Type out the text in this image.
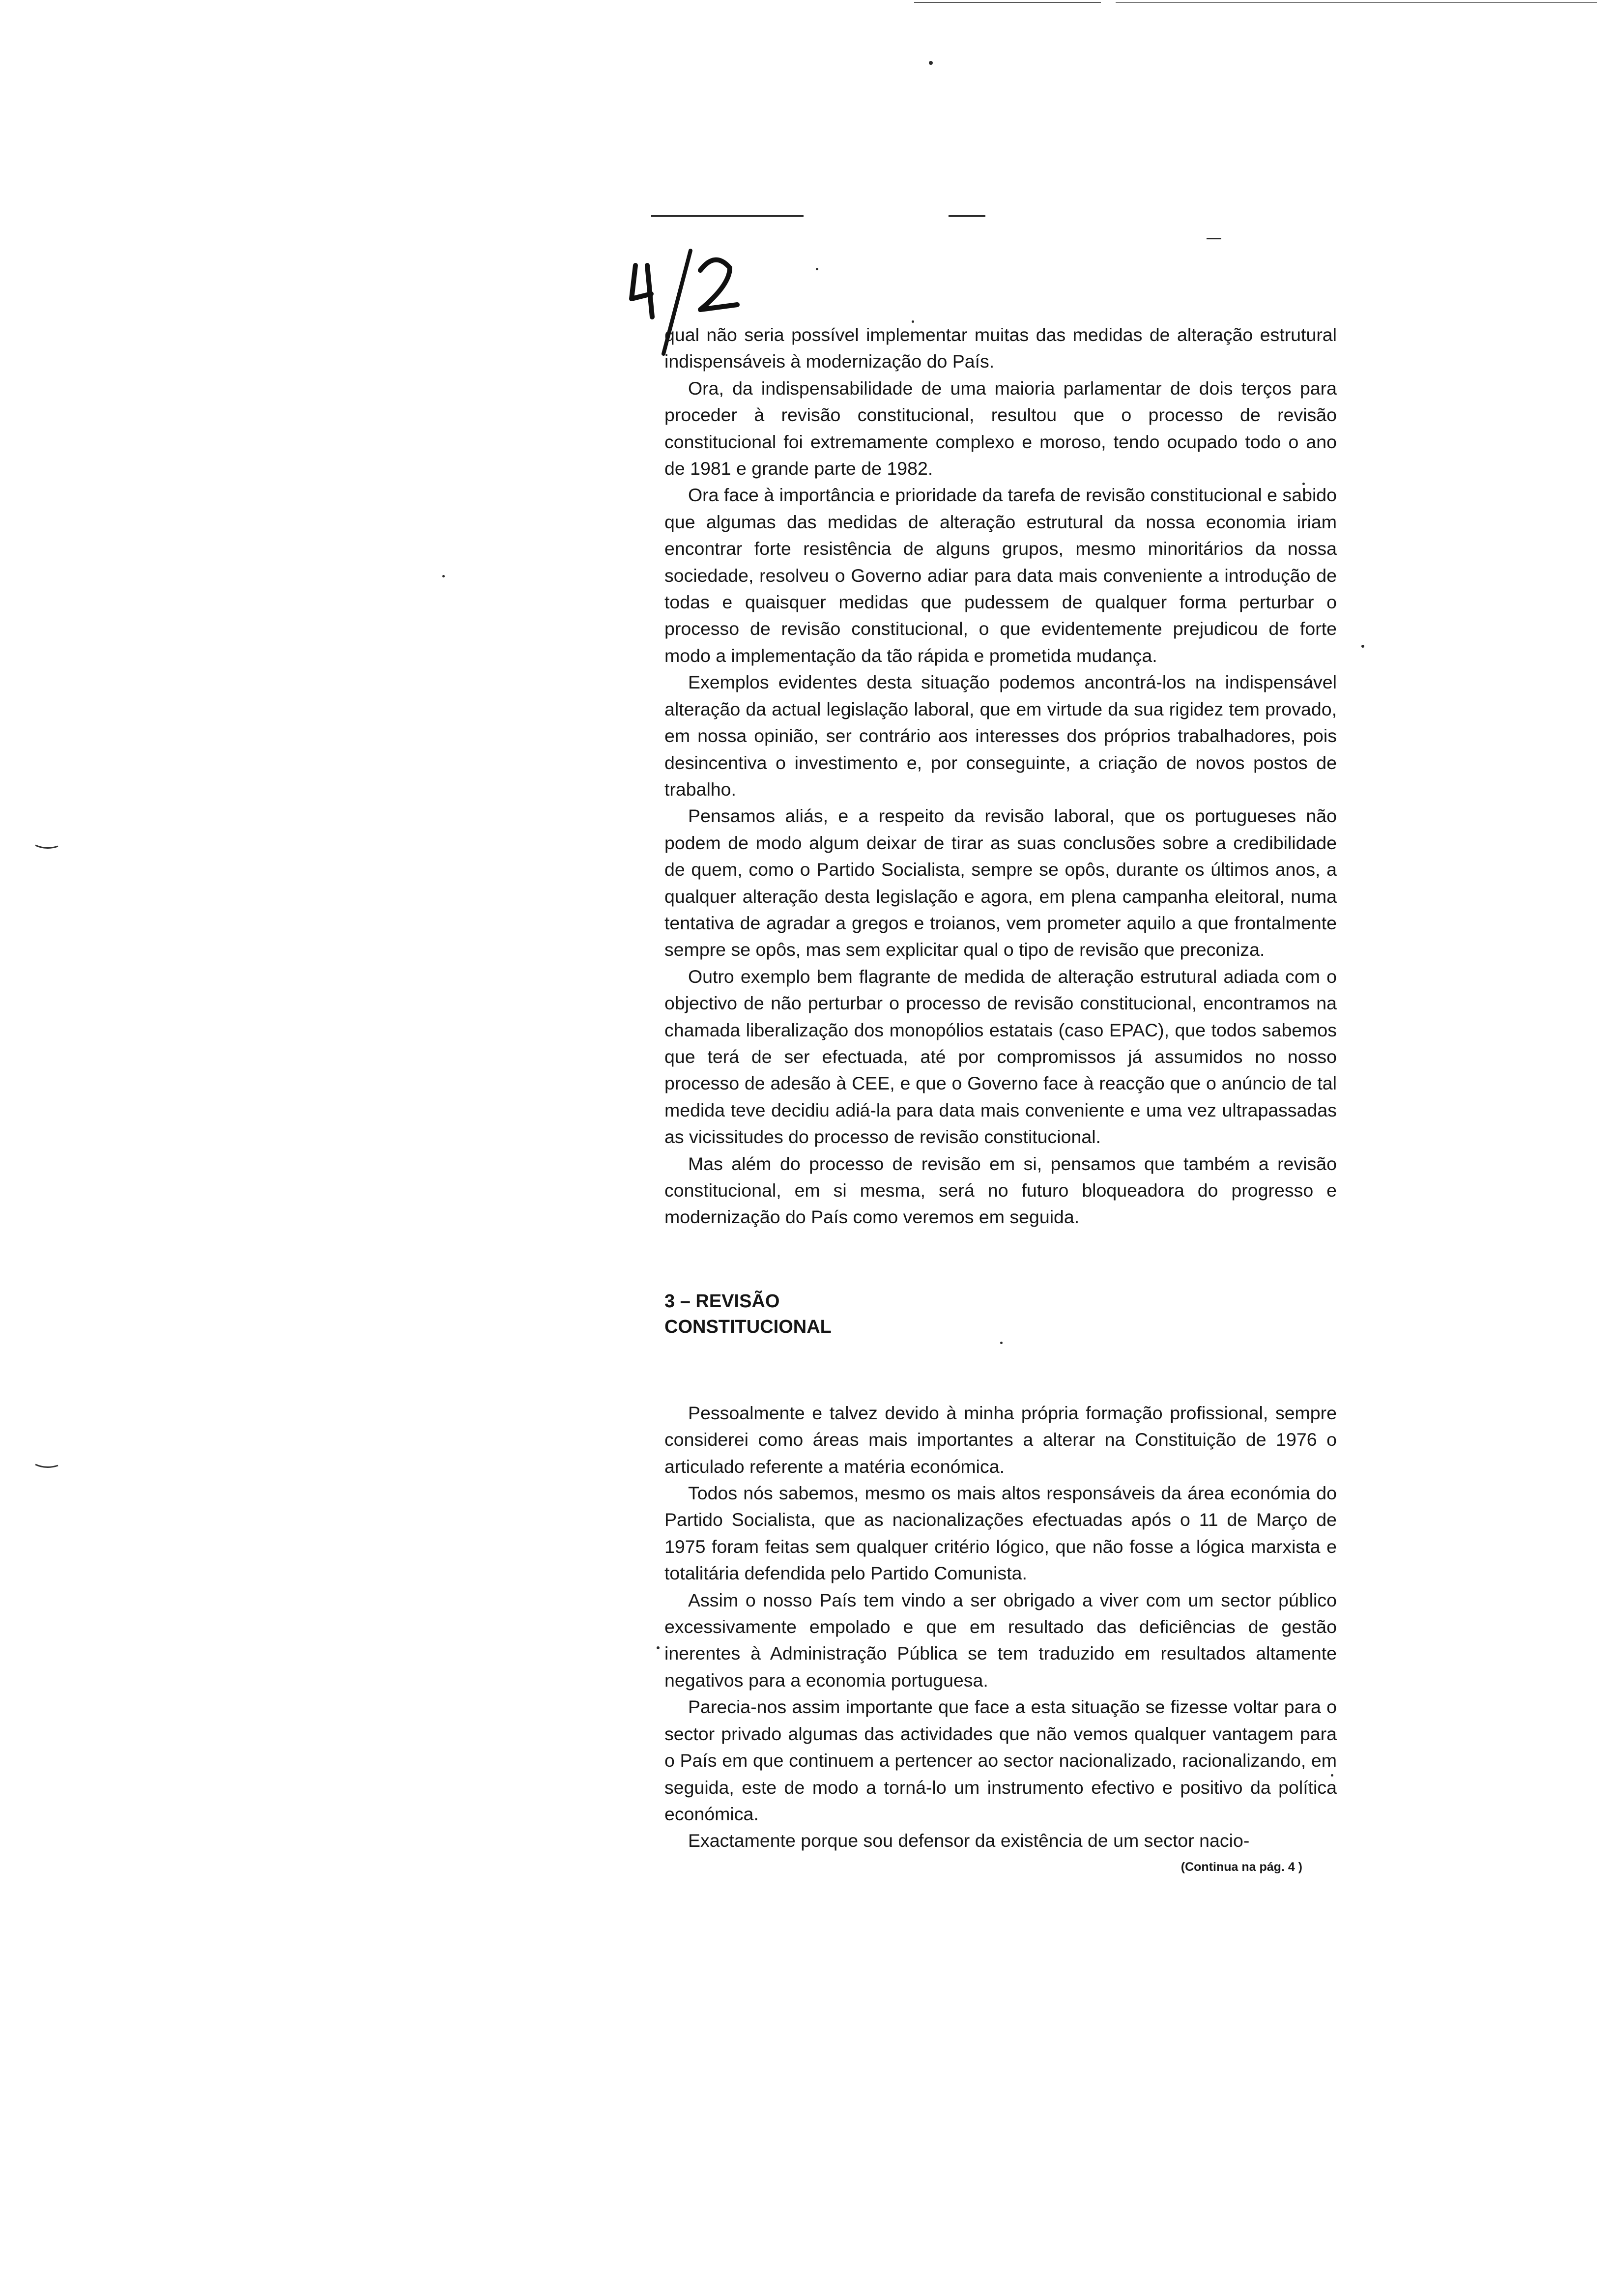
qual não seria possível implementar muitas das medidas de alteração estrutural indispensáveis à modernização do País.

Ora, da indispensabilidade de uma maioria parlamentar de dois terços para proceder à revisão constitucional, resultou que o processo de revisão constitucional foi extremamente complexo e moroso, tendo ocupado todo o ano de 1981 e grande parte de 1982.

Ora face à importância e prioridade da tarefa de revisão constitucional e sabido que algumas das medidas de alteração estrutural da nossa economia iriam encontrar forte resistência de alguns grupos, mesmo minoritários da nossa sociedade, resolveu o Governo adiar para data mais conveniente a introdução de todas e quaisquer medidas que pudessem de qualquer forma perturbar o processo de revisão constitucional, o que evidentemente prejudicou de forte modo a implementação da tão rápida e prometida mudança.

Exemplos evidentes desta situação podemos ancontrá-los na indispensável alteração da actual legislação laboral, que em virtude da sua rigidez tem provado, em nossa opinião, ser contrário aos interesses dos próprios trabalhadores, pois desincentiva o investimento e, por conseguinte, a criação de novos postos de trabalho.

Pensamos aliás, e a respeito da revisão laboral, que os portugueses não podem de modo algum deixar de tirar as suas conclusões sobre a credibilidade de quem, como o Partido Socialista, sempre se opôs, durante os últimos anos, a qualquer alteração desta legislação e agora, em plena campanha eleitoral, numa tentativa de agradar a gregos e troianos, vem prometer aquilo a que frontalmente sempre se opôs, mas sem explicitar qual o tipo de revisão que preconiza.

Outro exemplo bem flagrante de medida de alteração estrutural adiada com o objectivo de não perturbar o processo de revisão constitucional, encontramos na chamada liberalização dos monopólios estatais (caso EPAC), que todos sabemos que terá de ser efectuada, até por compromissos já assumidos no nosso processo de adesão à CEE, e que o Governo face à reacção que o anúncio de tal medida teve decidiu adiá-la para data mais conveniente e uma vez ultrapassadas as vicissitudes do processo de revisão constitucional.

Mas além do processo de revisão em si, pensamos que também a revisão constitucional, em si mesma, será no futuro bloqueadora do progresso e modernização do País como veremos em seguida.

3 – REVISÃO CONSTITUCIONAL

Pessoalmente e talvez devido à minha própria formação profissional, sempre considerei como áreas mais importantes a alterar na Constituição de 1976 o articulado referente a matéria económica.

Todos nós sabemos, mesmo os mais altos responsáveis da área económia do Partido Socialista, que as nacionalizações efectuadas após o 11 de Março de 1975 foram feitas sem qualquer critério lógico, que não fosse a lógica marxista e totalitária defendida pelo Partido Comunista.

Assim o nosso País tem vindo a ser obrigado a viver com um sector público excessivamente empolado e que em resultado das deficiências de gestão inerentes à Administração Pública se tem traduzido em resultados altamente negativos para a economia portuguesa.

Parecia-nos assim importante que face a esta situação se fizesse voltar para o sector privado algumas das actividades que não vemos qualquer vantagem para o País em que continuem a pertencer ao sector nacionalizado, racionalizando, em seguida, este de modo a torná-lo um instrumento efectivo e positivo da política económica.

Exactamente porque sou defensor da existência de um sector nacio-

(Continua na pág. 4 )
